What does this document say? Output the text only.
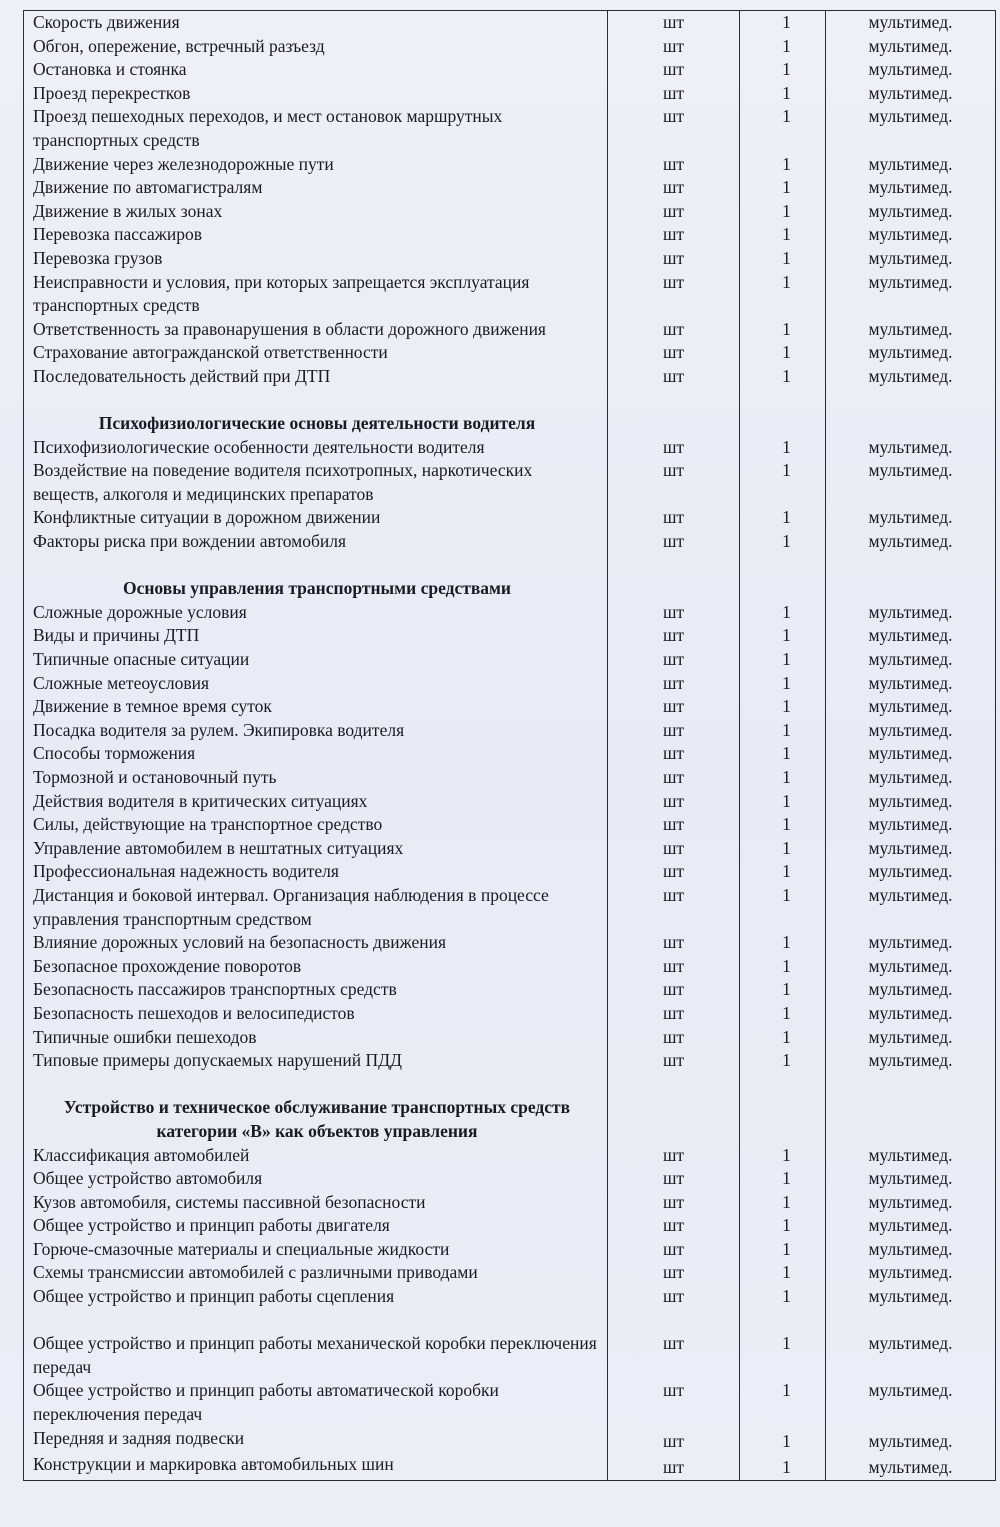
Скорость движения	шт	1	мультимед.
Обгон, опережение, встречный разъезд	шт	1	мультимед.
Остановка и стоянка	шт	1	мультимед.
Проезд перекрестков	шт	1	мультимед.
Проезд пешеходных переходов, и мест остановок маршрутных транспортных средств	шт	1	мультимед.
Движение через железнодорожные пути	шт	1	мультимед.
Движение по автомагистралям	шт	1	мультимед.
Движение в жилых зонах	шт	1	мультимед.
Перевозка пассажиров	шт	1	мультимед.
Перевозка грузов	шт	1	мультимед.
Неисправности и условия, при которых запрещается эксплуатация транспортных средств	шт	1	мультимед.
Ответственность за правонарушения в области дорожного движения	шт	1	мультимед.
Страхование автогражданской ответственности	шт	1	мультимед.
Последовательность действий при ДТП	шт	1	мультимед.

Психофизиологические основы деятельности водителя			
Психофизиологические особенности деятельности водителя	шт	1	мультимед.
Воздействие на поведение водителя психотропных, наркотических веществ, алкоголя и медицинских препаратов	шт	1	мультимед.
Конфликтные ситуации в дорожном движении	шт	1	мультимед.
Факторы риска при вождении автомобиля	шт	1	мультимед.

Основы управления транспортными средствами			
Сложные дорожные условия	шт	1	мультимед.
Виды и причины ДТП	шт	1	мультимед.
Типичные опасные ситуации	шт	1	мультимед.
Сложные метеоусловия	шт	1	мультимед.
Движение в темное время суток	шт	1	мультимед.
Посадка водителя за рулем. Экипировка водителя	шт	1	мультимед.
Способы торможения	шт	1	мультимед.
Тормозной и остановочный путь	шт	1	мультимед.
Действия водителя в критических ситуациях	шт	1	мультимед.
Силы, действующие на транспортное средство	шт	1	мультимед.
Управление автомобилем в нештатных ситуациях	шт	1	мультимед.
Профессиональная надежность водителя	шт	1	мультимед.
Дистанция и боковой интервал. Организация наблюдения в процессе управления транспортным средством	шт	1	мультимед.
Влияние дорожных условий на безопасность движения	шт	1	мультимед.
Безопасное прохождение поворотов	шт	1	мультимед.
Безопасность пассажиров транспортных средств	шт	1	мультимед.
Безопасность пешеходов и велосипедистов	шт	1	мультимед.
Типичные ошибки пешеходов	шт	1	мультимед.
Типовые примеры допускаемых нарушений ПДД	шт	1	мультимед.

Устройство и техническое обслуживание транспортных средств категории «В» как объектов управления			
Классификация автомобилей	шт	1	мультимед.
Общее устройство автомобиля	шт	1	мультимед.
Кузов автомобиля, системы пассивной безопасности	шт	1	мультимед.
Общее устройство и принцип работы двигателя	шт	1	мультимед.
Горюче-смазочные материалы и специальные жидкости	шт	1	мультимед.
Схемы трансмиссии автомобилей с различными приводами	шт	1	мультимед.
Общее устройство и принцип работы сцепления	шт	1	мультимед.

Общее устройство и принцип работы механической коробки переключения передач	шт	1	мультимед.
Общее устройство и принцип работы автоматической коробки переключения передач	шт	1	мультимед.
Передняя и задняя подвески	шт	1	мультимед.
Конструкции и маркировка автомобильных шин	шт	1	мультимед.
